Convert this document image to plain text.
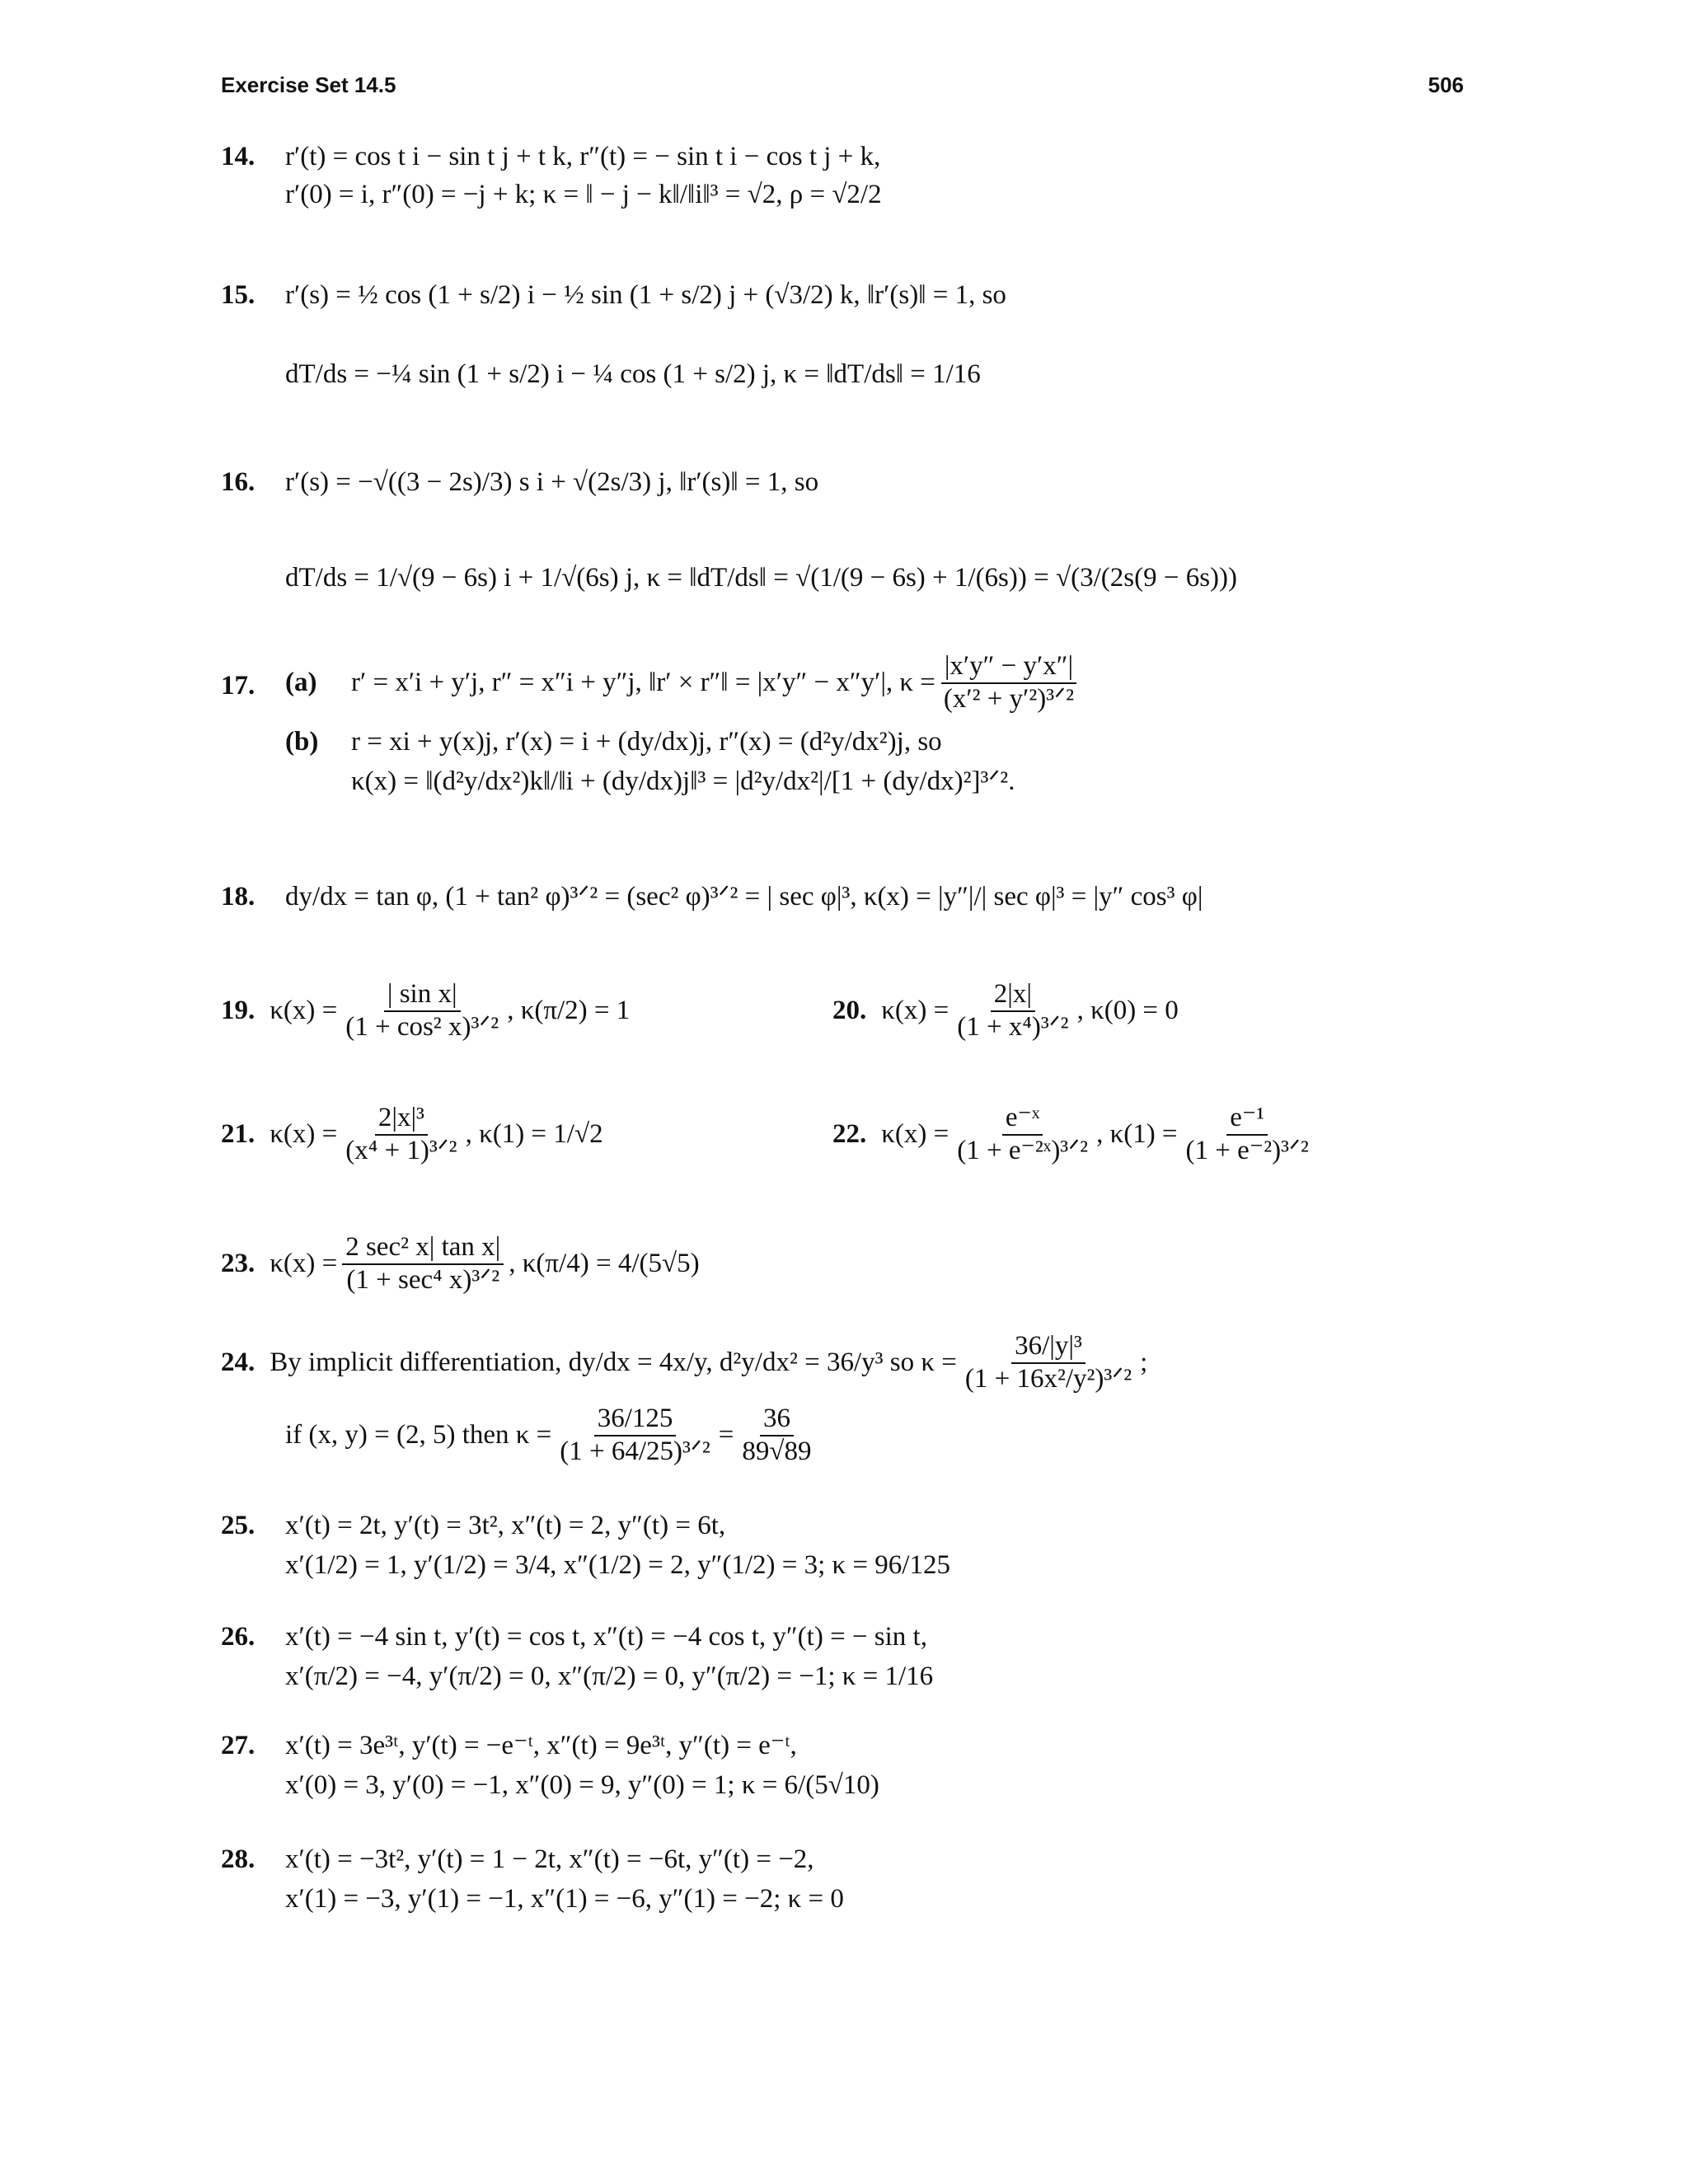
Exercise Set 14.5	506
14. r′(t) = cos t i − sin t j + t k, r″(t) = − sin t i − cos t j + k,
r′(0) = i, r″(0) = −j + k; κ = ‖ − j − k‖/‖i‖³ = √2, ρ = √2/2
15. r′(s) = ½ cos (1 + s/2) i − ½ sin (1 + s/2) j + (√3/2) k, ‖r′(s)‖ = 1, so
dT/ds = −¼ sin (1 + s/2) i − ¼ cos (1 + s/2) j, κ = ‖dT/ds‖ = 1/16
16. r′(s) = −√((3 − 2s)/3) s i + √(2s/3) j, ‖r′(s)‖ = 1, so
dT/ds = 1/√(9 − 6s) i + 1/√(6s) j, κ = ‖dT/ds‖ = √(1/(9 − 6s) + 1/(6s)) = √(3/(2s(9 − 6s)))
17. (a)	r′ = x′i + y′j, r″ = x″i + y″j, ‖r′ × r″‖ = |x′y″ − x″y′|, $\kappa = \frac{|x'y'' - y'x''|}{\text{(x′² + y′²)³ᐟ²}}$
(b)	r = xi + y(x)j, r′(x) = i + (dy/dx)j, r″(x) = (d²y/dx²)j, so
κ(x) = ‖(d²y/dx²)k‖/‖i + (dy/dx)j‖³ = |d²y/dx²|/[1 + (dy/dx)²]³ᐟ².
18. dy/dx = tan φ, (1 + tan² φ)³ᐟ² = (sec² φ)³ᐟ² = | sec φ|³, κ(x) = |y″|/| sec φ|³ = |y″ cos³ φ|
19. $\kappa(x) = \frac{\text{| sin x|}}{\text{(1 + cos² x)³ᐟ²}}$ , κ(π/2) = 1	20. $\kappa(x) = \frac{2|x|}{\text{(1 + x⁴)³ᐟ²}}$ , κ(0) = 0
21. $\kappa(x) = \frac{\text{2|x|³}}{\text{(x⁴ + 1)³ᐟ²}}$ , κ(1) = 1/√2	22. $\kappa(x) = \frac{\text{e⁻ˣ}}{\text{(1 + e⁻²ˣ)³ᐟ²}}$ , $\kappa(1) = \frac{\text{e⁻¹}}{\text{(1 + e⁻²)³ᐟ²}}$
23. $\kappa(x) = \frac{\text{2 sec² x| tan x|}}{\text{(1 + sec⁴ x)³ᐟ²}}$ , κ(π/4) = 4/(5√5)
24. By implicit differentiation, dy/dx = 4x/y, d²y/dx² = 36/y³ so $\kappa = \frac{\text{36/|y|³}}{\text{(1 + 16x²/y²)³ᐟ²}}$ ;
if (x, y) = (2, 5) then $\kappa = \frac{36/125}{\text{(1 + 64/25)³ᐟ²}} = \frac{36}{89√89}$
25. x′(t) = 2t, y′(t) = 3t², x″(t) = 2, y″(t) = 6t,
x′(1/2) = 1, y′(1/2) = 3/4, x″(1/2) = 2, y″(1/2) = 3; κ = 96/125
26. x′(t) = −4 sin t, y′(t) = cos t, x″(t) = −4 cos t, y″(t) = − sin t,
x′(π/2) = −4, y′(π/2) = 0, x″(π/2) = 0, y″(π/2) = −1; κ = 1/16
27. x′(t) = 3e³ᵗ, y′(t) = −e⁻ᵗ, x″(t) = 9e³ᵗ, y″(t) = e⁻ᵗ,
x′(0) = 3, y′(0) = −1, x″(0) = 9, y″(0) = 1; κ = 6/(5√10)
28. x′(t) = −3t², y′(t) = 1 − 2t, x″(t) = −6t, y″(t) = −2,
x′(1) = −3, y′(1) = −1, x″(1) = −6, y″(1) = −2; κ = 0
